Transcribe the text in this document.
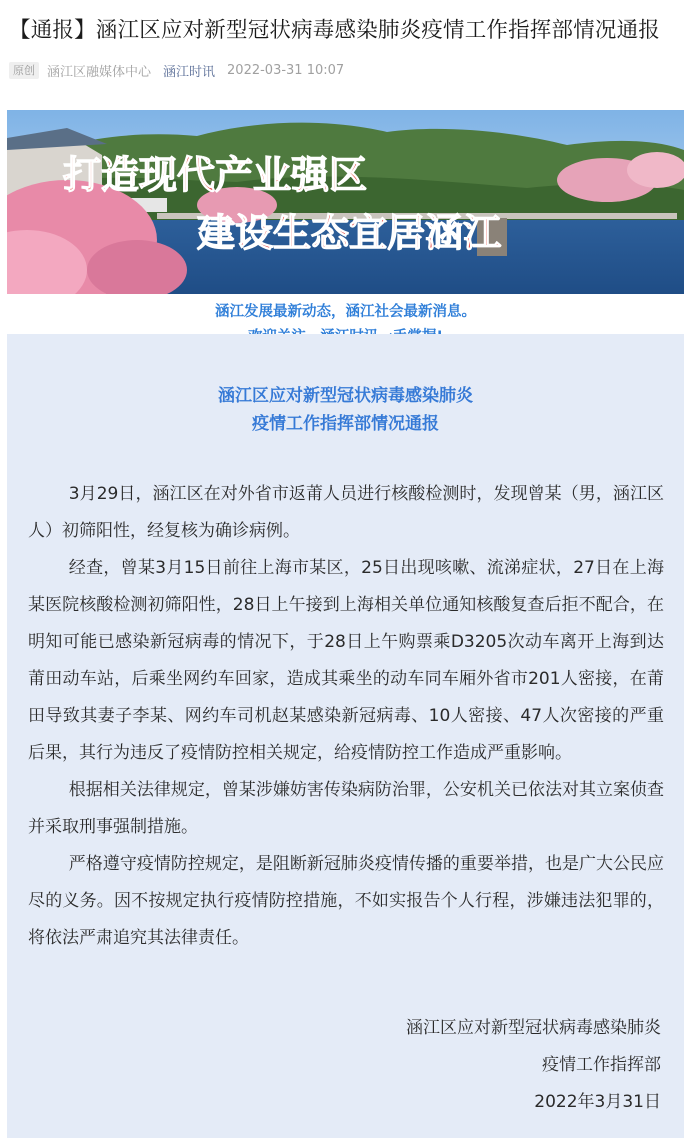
【通报】涵江区应对新型冠状病毒感染肺炎疫情工作指挥部情况通报
原创 涵江区融媒体中心 涵江时讯 2022-03-31 10:07
打造现代产业强区
建设生态宜居涵江
涵江发展最新动态，涵江社会最新消息。
涵江区应对新型冠状病毒感染肺炎
疫情工作指挥部情况通报

3月29日，涵江区在对外省市返莆人员进行核酸检测时，发现曾某（男，涵江区人）初筛阳性，经复核为确诊病例。

经查，曾某3月15日前往上海市某区，25日出现咳嗽、流涕症状，27日在上海某医院核酸检测初筛阳性，28日上午接到上海相关单位通知核酸复查后拒不配合，在明知可能已感染新冠病毒的情况下，于28日上午购票乘D3205次动车离开上海到达莆田动车站，后乘坐网约车回家，造成其乘坐的动车同车厢外省市201人密接，在莆田导致其妻子李某、网约车司机赵某感染新冠病毒、10人密接、47人次密接的严重后果，其行为违反了疫情防控相关规定，给疫情防控工作造成严重影响。

根据相关法律规定，曾某涉嫌妨害传染病防治罪，公安机关已依法对其立案侦查并采取刑事强制措施。

严格遵守疫情防控规定，是阻断新冠肺炎疫情传播的重要举措，也是广大公民应尽的义务。因不按规定执行疫情防控措施，不如实报告个人行程，涉嫌违法犯罪的，将依法严肃追究其法律责任。

涵江区应对新型冠状病毒感染肺炎
疫情工作指挥部
2022年3月31日
